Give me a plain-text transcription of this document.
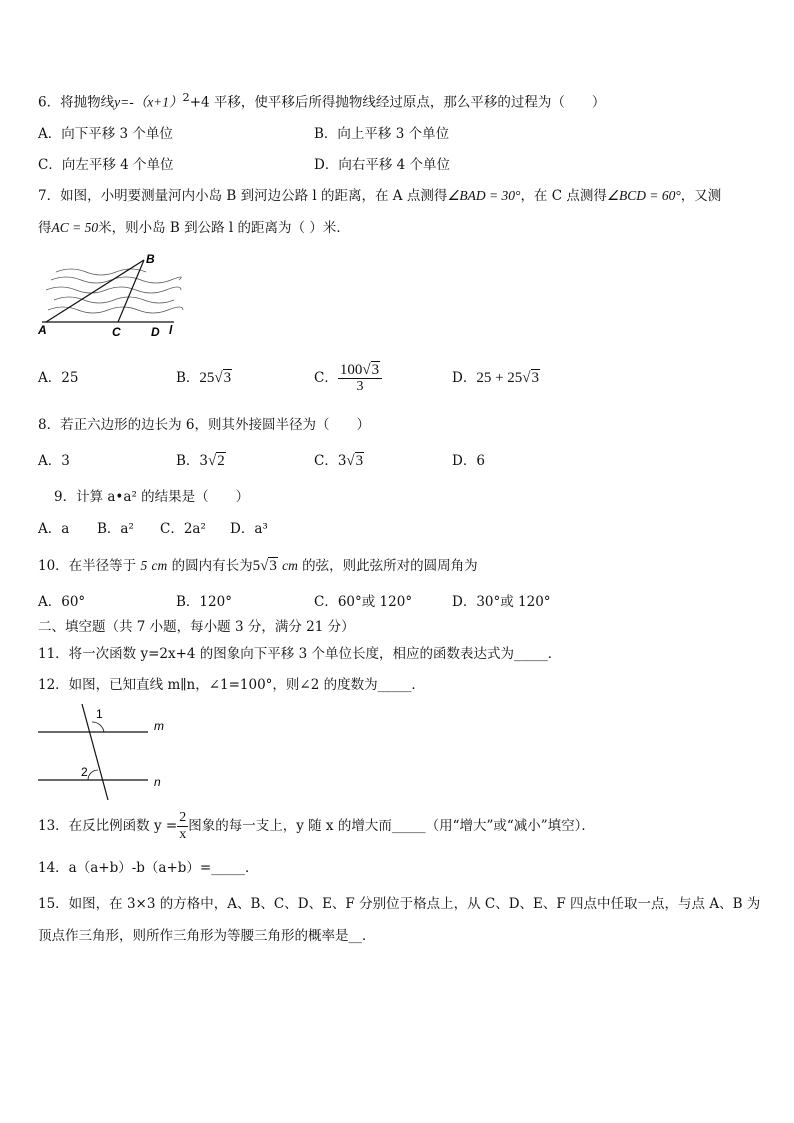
6．将抛物线$y=-(x+1)^2+4$ 平移，使平移后所得抛物线经过原点，那么平移的过程为（　　）
A．向下平移 3 个单位	B．向上平移 3 个单位
C．向左平移 4 个单位	D．向右平移 4 个单位
7．如图，小明要测量河内小岛 B 到河边公路 l 的距离，在 A 点测得∠BAD = 30°，在 C 点测得∠BCD = 60°，又测
得AC = 50米，则小岛 B 到公路 l 的距离为（ ）米．
A
B
C	D l
A．25	B．25√3	C． $\frac{100√3}{3}$	D．25 + 25√3
8．若正六边形的边长为 6，则其外接圆半径为（　　）
A．3	B．3√2	C．3√3	D．6
9．计算 a•a² 的结果是（　　）
A．a B．a² C．2a² D．a³
10．在半径等于 5 cm 的圆内有长为5√3 cm 的弦，则此弦所对的圆周角为
A．60°	B．120°	C．60°或 120°	D．30°或 120°
二、填空题（共 7 小题，每小题 3 分，满分 21 分）
11．将一次函数 y=2x+4 的图象向下平移 3 个单位长度，相应的函数表达式为_____．
12．如图，已知直线 m∥n，∠1=100°，则∠2 的度数为_____．
1
2
m
n
13．在反比例函数 $y = \frac{2}{x}$ 图象的每一支上，y 随 x 的增大而_____（用“增大”或“减小”填空）．
14．a（a+b）-b（a+b）=_____．
15．如图，在 3×3 的方格中，A、B、C、D、E、F 分别位于格点上，从 C、D、E、F 四点中任取一点，与点 A、B 为
顶点作三角形，则所作三角形为等腰三角形的概率是__．
